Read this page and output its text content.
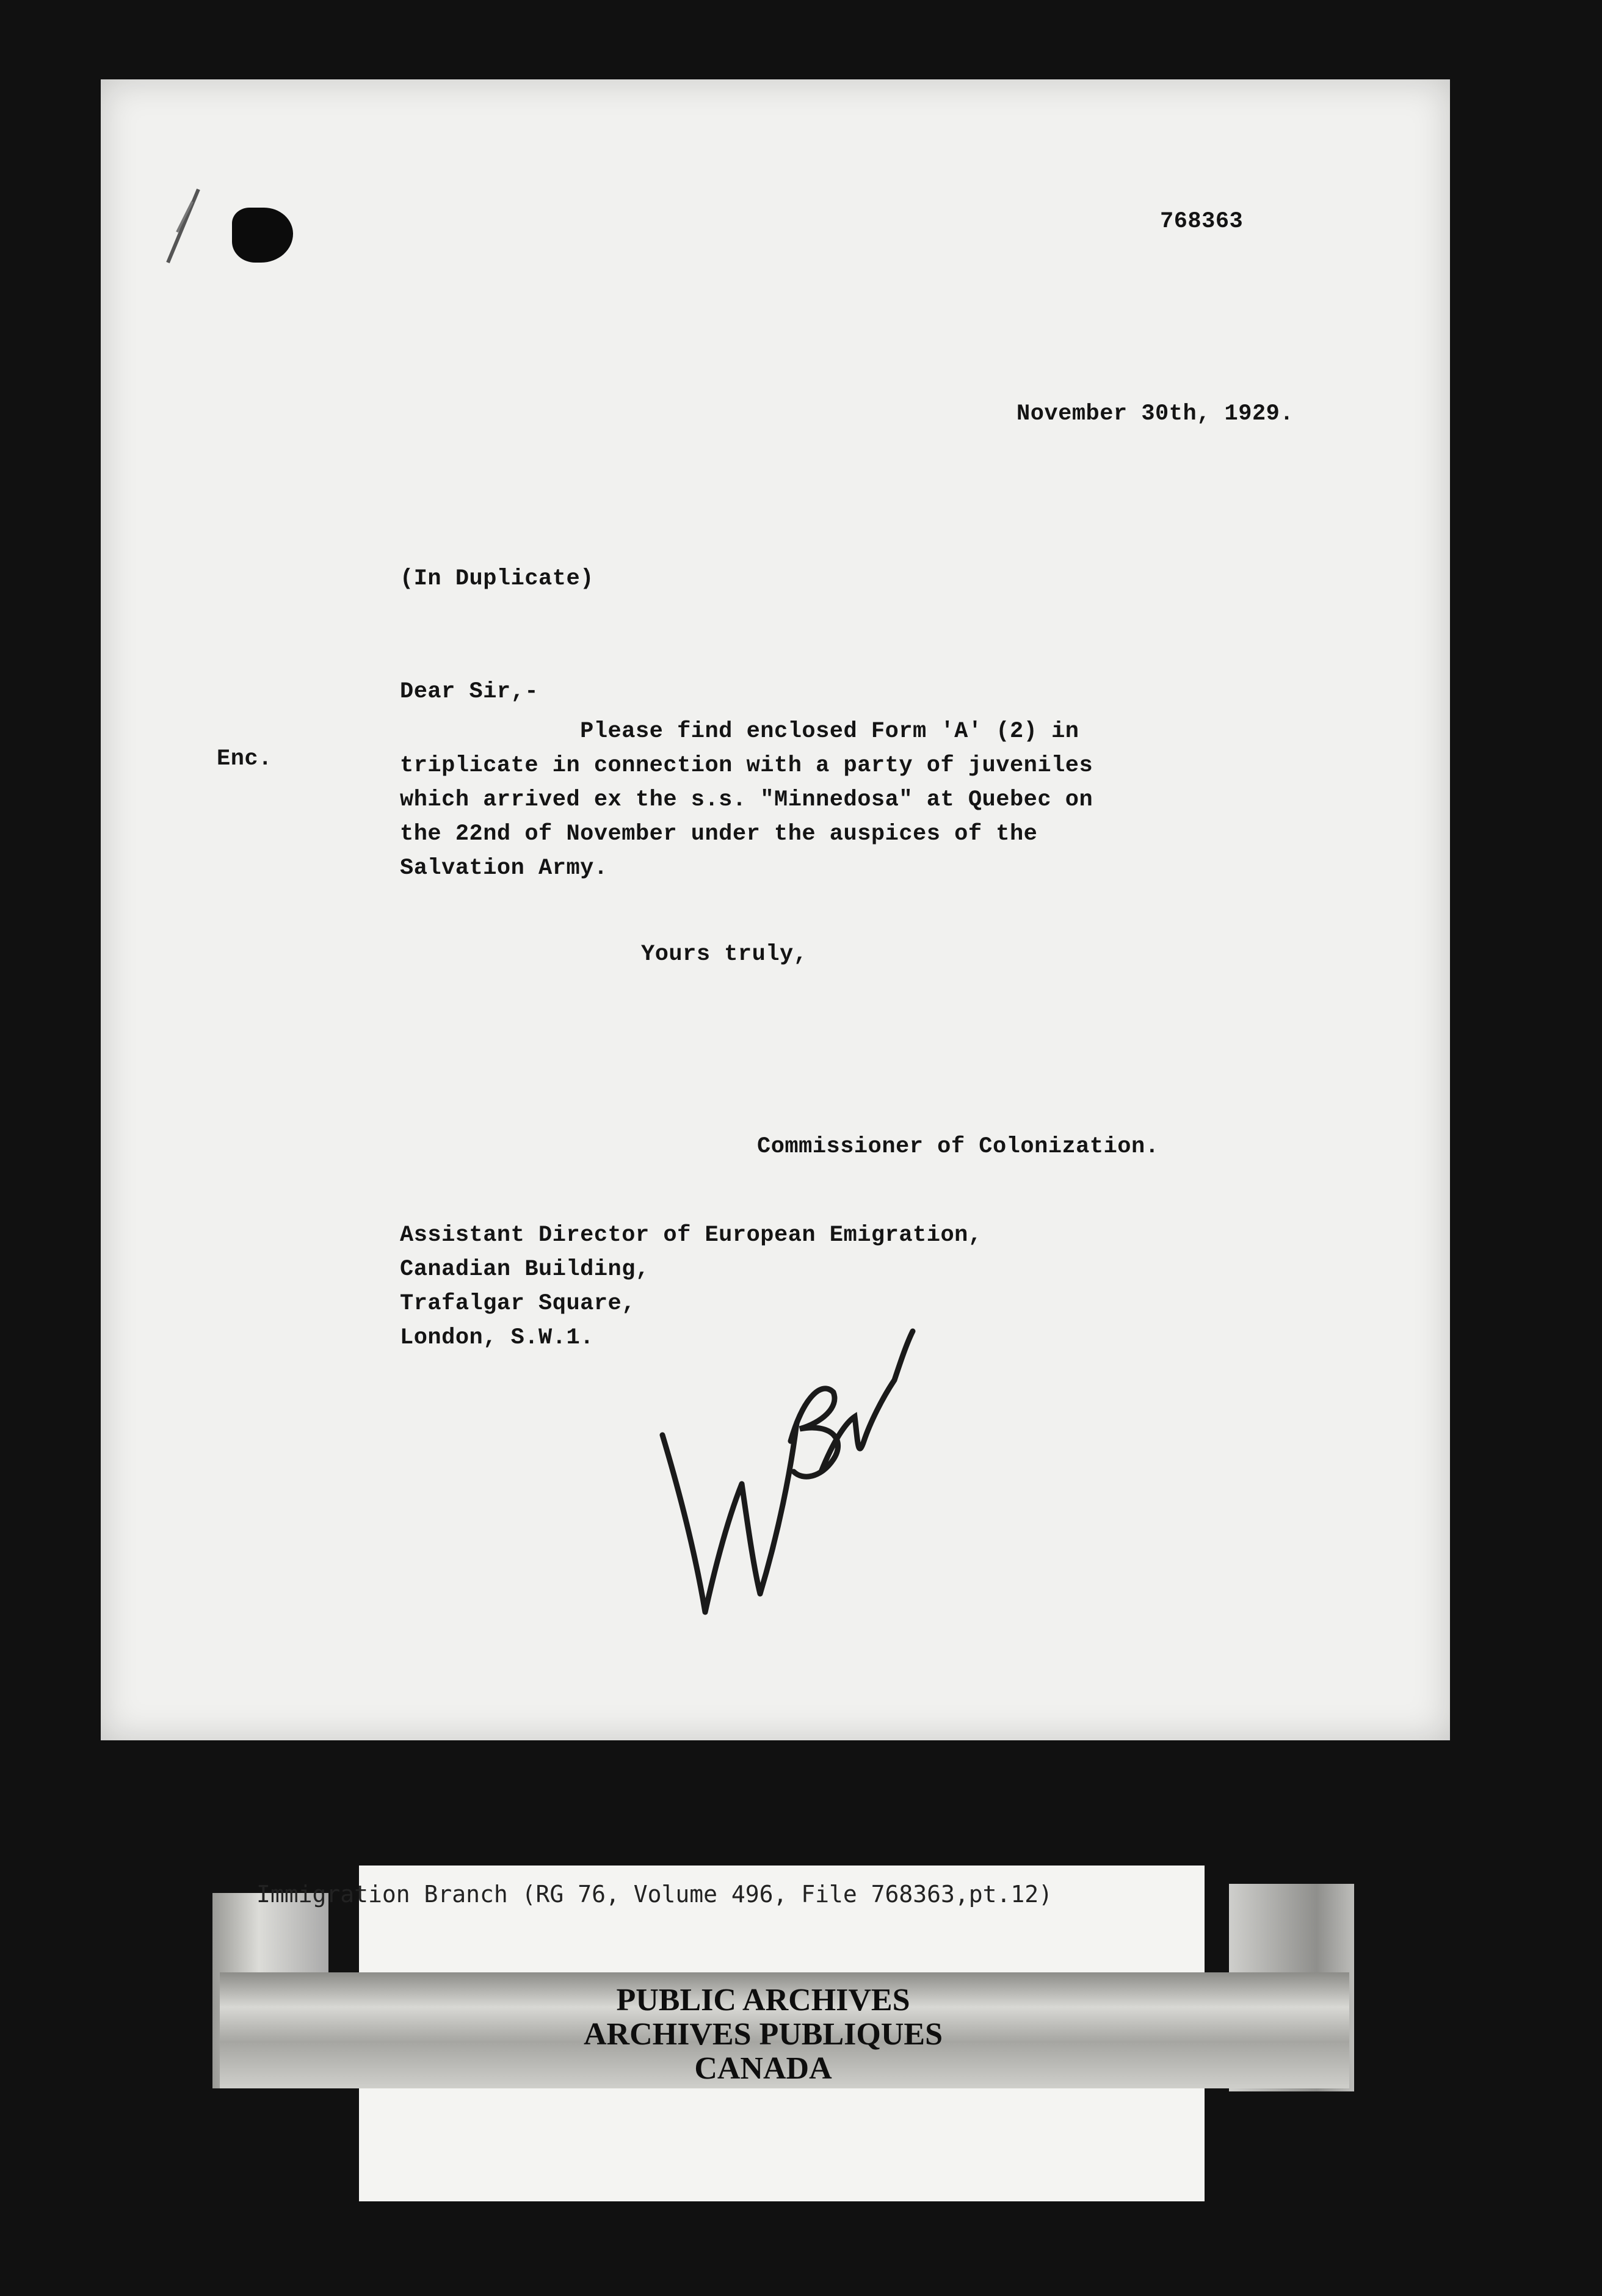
768363
November 30th, 1929.
(In Duplicate)
Dear Sir,-
Enc.
Please find enclosed Form 'A' (2) in
triplicate in connection with a party of juveniles
which arrived ex the s.s. "Minnedosa" at Quebec on
the 22nd of November under the auspices of the
Salvation Army.
Yours truly,
Commissioner of Colonization.
Assistant Director of European Emigration,
Canadian Building,
Trafalgar Square,
London, S.W.1.
Immigration Branch (RG 76, Volume 496, File 768363,pt.12)
PUBLIC ARCHIVES
ARCHIVES PUBLIQUES
CANADA
